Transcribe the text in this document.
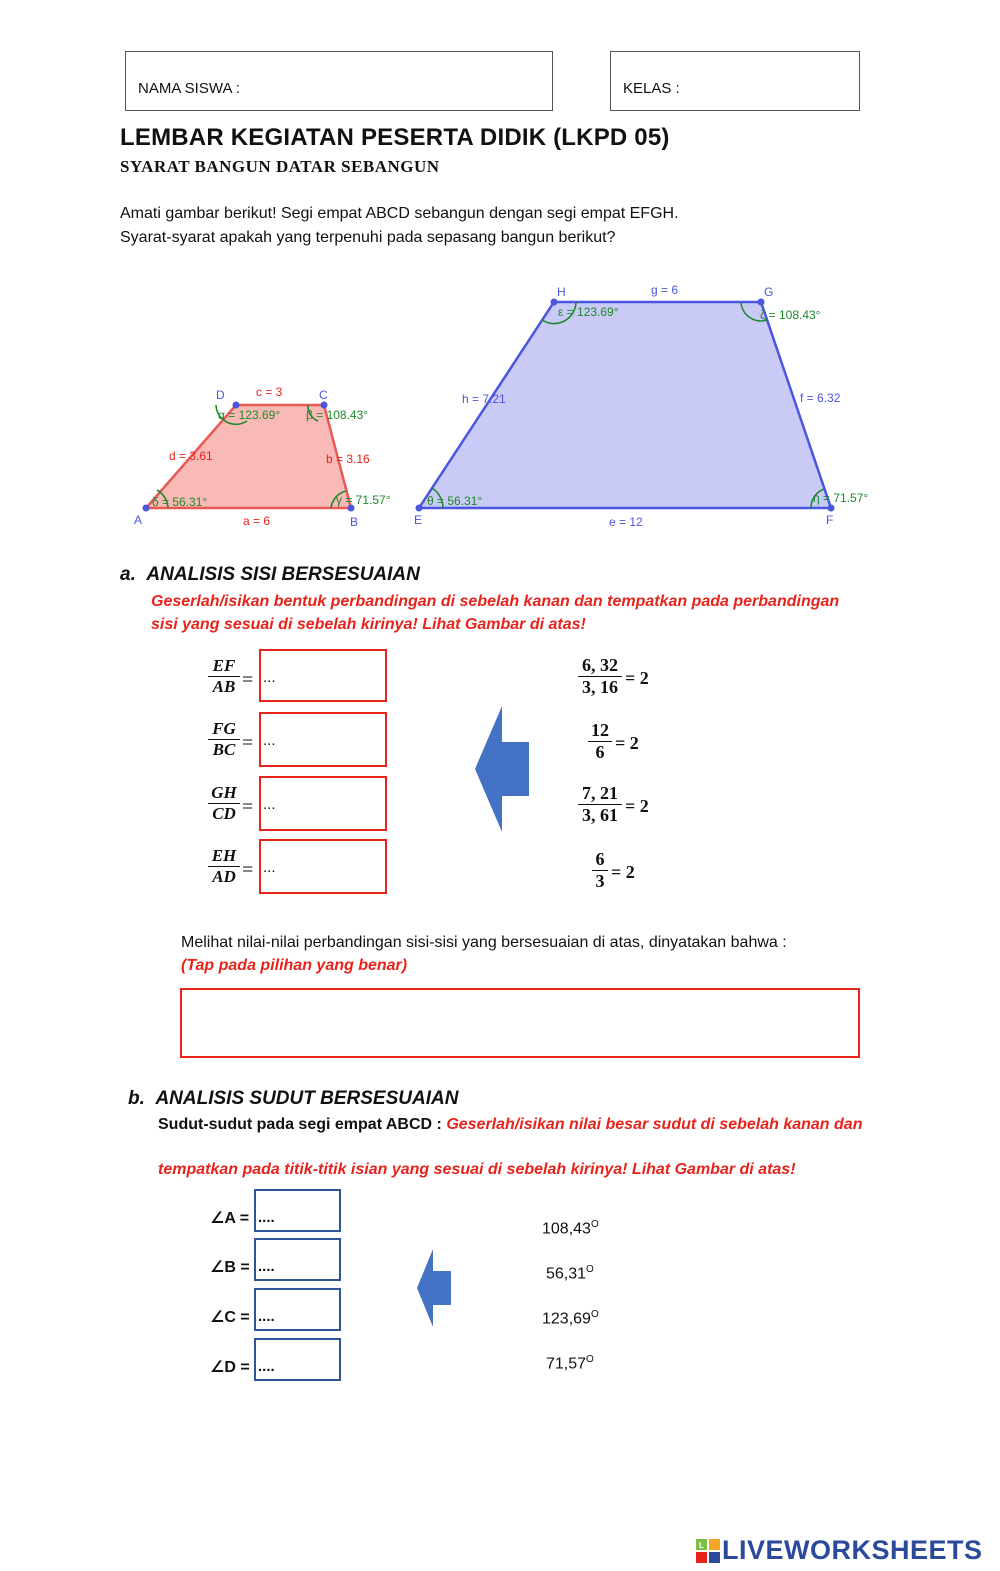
NAMA SISWA :	KELAS :
LEMBAR KEGIATAN PESERTA DIDIK (LKPD 05)
SYARAT BANGUN DATAR SEBANGUN
Amati gambar berikut! Segi empat ABCD sebangun dengan segi empat EFGH.
Syarat-syarat apakah yang terpenuhi pada sepasang bangun berikut?
A	B
C
D
a = 6
b = 3.16
c = 3
d = 3.61
α = 123.69° β = 108.43°
γ = 71.57°
δ = 56.31°
E	F
G
H
e = 12
f = 6.32
g = 6
h = 7.21
ε = 123.69°	ζ = 108.43°
η = 71.57°
θ = 56.31°
a. ANALISIS SISI BERSESUAIAN
Geserlah/isikan bentuk perbandingan di sebelah kanan dan tempatkan pada perbandingan
sisi yang sesuai di sebelah kirinya! Lihat Gambar di atas!
$\frac{EF}{AB}$ = ...
$\frac{FG}{BC}$ = ...
$\frac{GH}{CD}$ = ...
$\frac{EH}{AD}$ = ...
6, 32
3, 16 = 2
12
6 = 2
7, 21
3, 61 = 2
6
3 = 2
Melihat nilai-nilai perbandingan sisi-sisi yang bersesuaian di atas, dinyatakan bahwa :
(Tap pada pilihan yang benar)
b. ANALISIS SUDUT BERSESUAIAN
Sudut-sudut pada segi empat ABCD : Geserlah/isikan nilai besar sudut di sebelah kanan dan
tempatkan pada titik-titik isian yang sesuai di sebelah kirinya! Lihat Gambar di atas!
∠A = ....
∠B = ....
∠C = ....
∠D = ....
$108,43^O$
$56,31^O$
$123,69^O$
$71,57^O$
L LIVEWORKSHEETS
